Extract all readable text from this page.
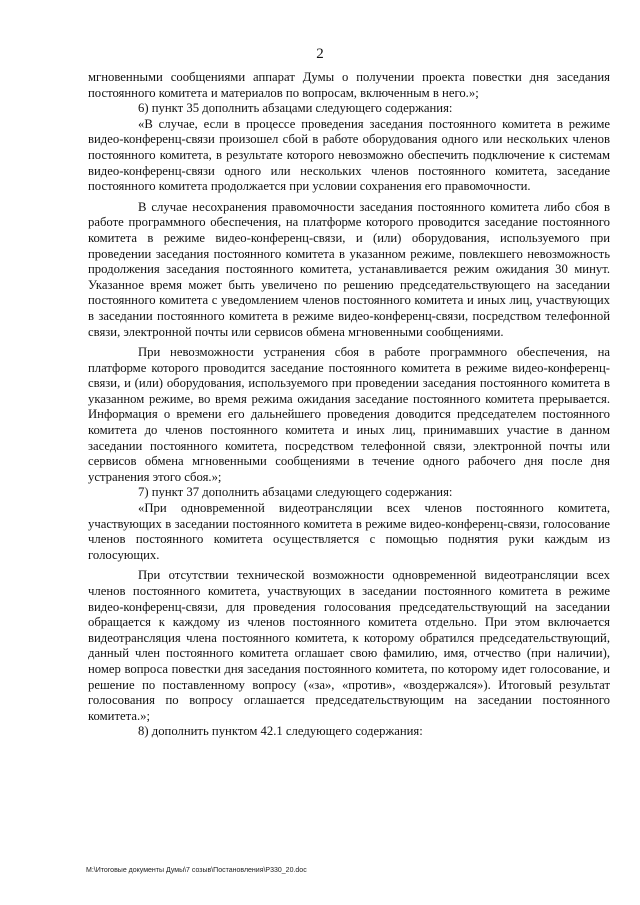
2

мгновенными сообщениями аппарат Думы о получении проекта повестки дня заседания постоянного комитета и материалов по вопросам, включенным в него.»;

6) пункт 35 дополнить абзацами следующего содержания:

«В случае, если в процессе проведения заседания постоянного комитета в режиме видео-конференц-связи произошел сбой в работе оборудования одного или нескольких членов постоянного комитета, в результате которого невозможно обеспечить подключение к системам видео-конференц-связи одного или нескольких членов постоянного комитета, заседание постоянного комитета продолжается при условии сохранения его правомочности.

В случае несохранения правомочности заседания постоянного комитета либо сбоя в работе программного обеспечения, на платформе которого проводится заседание постоянного комитета в режиме видео-конференц-связи, и (или) оборудования, используемого при проведении заседания постоянного комитета в указанном режиме, повлекшего невозможность продолжения заседания постоянного комитета, устанавливается режим ожидания 30 минут. Указанное время может быть увеличено по решению председательствующего на заседании постоянного комитета с уведомлением членов постоянного комитета и иных лиц, участвующих в заседании постоянного комитета в режиме видео-конференц-связи, посредством телефонной связи, электронной почты или сервисов обмена мгновенными сообщениями.

При невозможности устранения сбоя в работе программного обеспечения, на платформе которого проводится заседание постоянного комитета в режиме видео-конференц-связи, и (или) оборудования, используемого при проведении заседания постоянного комитета в указанном режиме, во время режима ожидания заседание постоянного комитета прерывается. Информация о времени его дальнейшего проведения доводится председателем постоянного комитета до членов постоянного комитета и иных лиц, принимавших участие в данном заседании постоянного комитета, посредством телефонной связи, электронной почты или сервисов обмена мгновенными сообщениями в течение одного рабочего дня после дня устранения этого сбоя.»;

7) пункт 37 дополнить абзацами следующего содержания:

«При одновременной видеотрансляции всех членов постоянного комитета, участвующих в заседании постоянного комитета в режиме видео-конференц-связи, голосование членов постоянного комитета осуществляется с помощью поднятия руки каждым из голосующих.

При отсутствии технической возможности одновременной видеотрансляции всех членов постоянного комитета, участвующих в заседании постоянного комитета в режиме видео-конференц-связи, для проведения голосования председательствующий на заседании обращается к каждому из членов постоянного комитета отдельно. При этом включается видеотрансляция члена постоянного комитета, к которому обратился председательствующий, данный член постоянного комитета оглашает свою фамилию, имя, отчество (при наличии), номер вопроса повестки дня заседания постоянного комитета, по которому идет голосование, и решение по поставленному вопросу («за», «против», «воздержался»). Итоговый результат голосования по вопросу оглашается председательствующим на заседании постоянного комитета.»;

8) дополнить пунктом 42.1 следующего содержания:

M:\Итоговые документы Думы\7 созыв\Постановления\P330_20.doc
